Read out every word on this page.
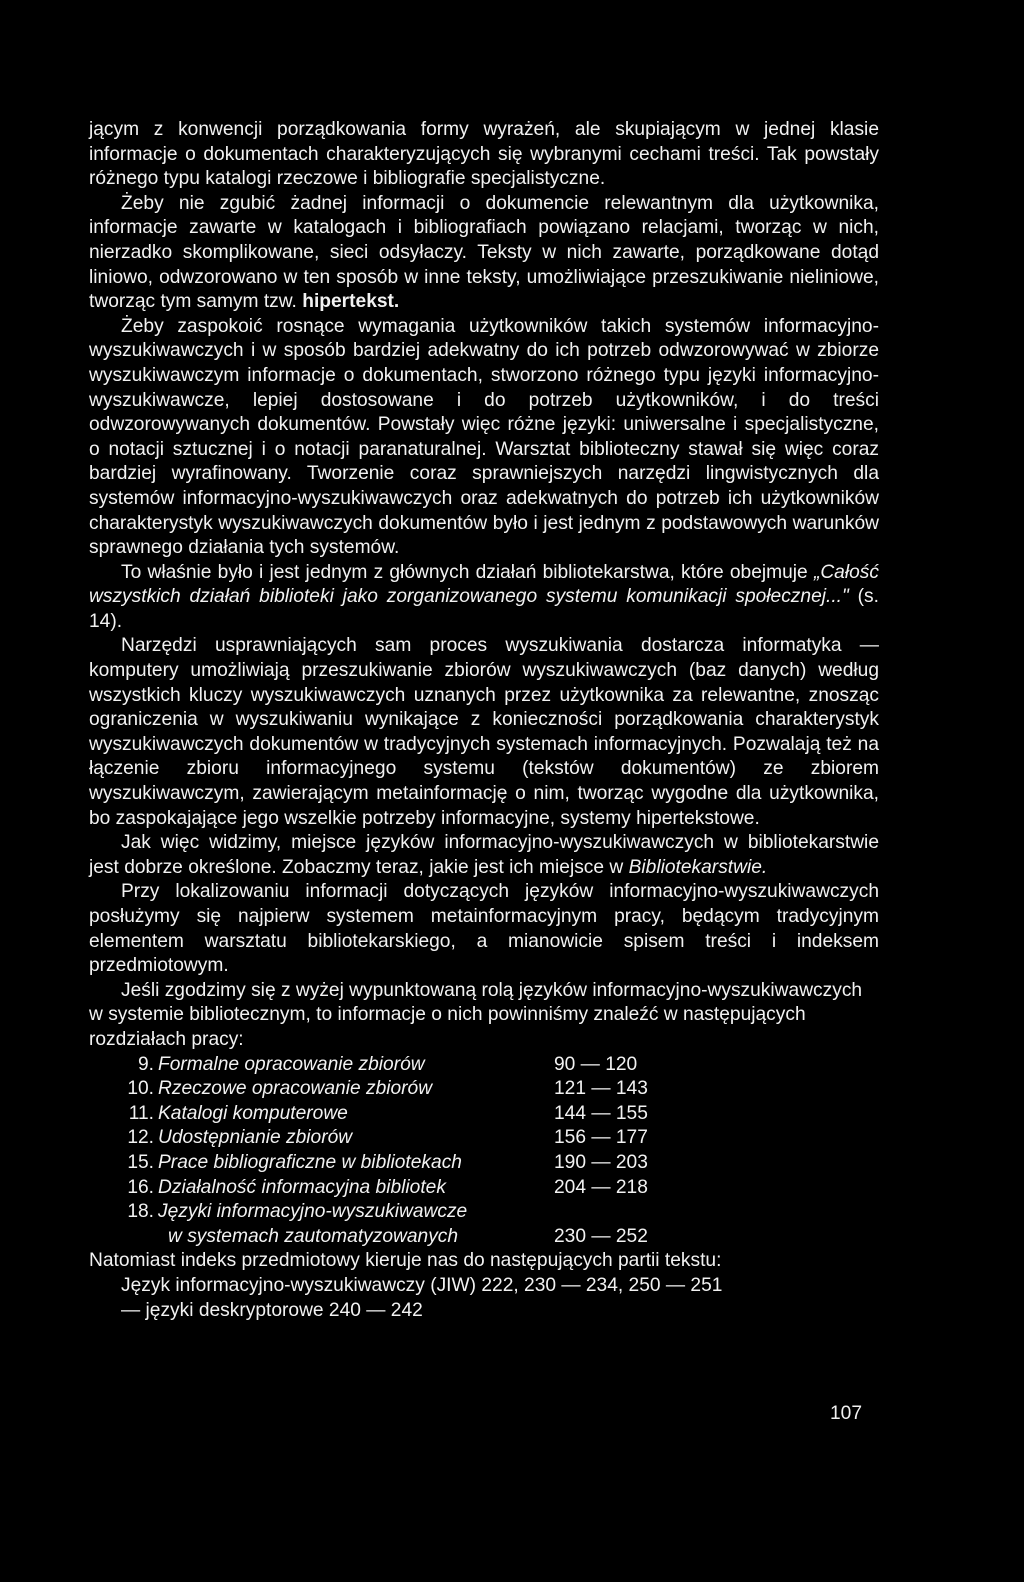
jącym z konwencji porządkowania formy wyrażeń, ale skupiającym w jednej klasie informacje o dokumentach charakteryzujących się wybranymi cechami treści. Tak powstały różnego typu katalogi rzeczowe i bibliografie specjalistyczne.

Żeby nie zgubić żadnej informacji o dokumencie relewantnym dla użytkownika, informacje zawarte w katalogach i bibliografiach powiązano relacjami, tworząc w nich, nierzadko skomplikowane, sieci odsyłaczy. Teksty w nich zawarte, porządkowane dotąd liniowo, odwzorowano w ten sposób w inne teksty, umożliwiające przeszukiwanie nieliniowe, tworząc tym samym tzw. hipertekst.

Żeby zaspokoić rosnące wymagania użytkowników takich systemów informacyjno-wyszukiwawczych i w sposób bardziej adekwatny do ich potrzeb odwzorowywać w zbiorze wyszukiwawczym informacje o dokumentach, stworzono różnego typu języki informacyjno-wyszukiwawcze, lepiej dostosowane i do potrzeb użytkowników, i do treści odwzorowywanych dokumentów. Powstały więc różne języki: uniwersalne i specjalistyczne, o notacji sztucznej i o notacji paranaturalnej. Warsztat biblioteczny stawał się więc coraz bardziej wyrafinowany. Tworzenie coraz sprawniejszych narzędzi lingwistycznych dla systemów informacyjno-wyszukiwawczych oraz adekwatnych do potrzeb ich użytkowników charakterystyk wyszukiwawczych dokumentów było i jest jednym z podstawowych warunków sprawnego działania tych systemów.

To właśnie było i jest jednym z głównych działań bibliotekarstwa, które obejmuje „Całość wszystkich działań biblioteki jako zorganizowanego systemu komunikacji społecznej..." (s. 14).

Narzędzi usprawniających sam proces wyszukiwania dostarcza informatyka — komputery umożliwiają przeszukiwanie zbiorów wyszukiwawczych (baz danych) według wszystkich kluczy wyszukiwawczych uznanych przez użytkownika za relewantne, znosząc ograniczenia w wyszukiwaniu wynikające z konieczności porządkowania charakterystyk wyszukiwawczych dokumentów w tradycyjnych systemach informacyjnych. Pozwalają też na łączenie zbioru informacyjnego systemu (tekstów dokumentów) ze zbiorem wyszukiwawczym, zawierającym metainformację o nim, tworząc wygodne dla użytkownika, bo zaspokajające jego wszelkie potrzeby informacyjne, systemy hipertekstowe.

Jak więc widzimy, miejsce języków informacyjno-wyszukiwawczych w bibliotekarstwie jest dobrze określone. Zobaczmy teraz, jakie jest ich miejsce w Bibliotekarstwie.

Przy lokalizowaniu informacji dotyczących języków informacyjno-wyszukiwawczych posłużymy się najpierw systemem metainformacyjnym pracy, będącym tradycyjnym elementem warsztatu bibliotekarskiego, a mianowicie spisem treści i indeksem przedmiotowym.

Jeśli zgodzimy się z wyżej wypunktowaną rolą języków informacyjno-wyszukiwawczych w systemie bibliotecznym, to informacje o nich powinniśmy znaleźć w następujących rozdziałach pracy:

9. Formalne opracowanie zbiorów	90 — 120
10. Rzeczowe opracowanie zbiorów	121 — 143
11. Katalogi komputerowe	144 — 155
12. Udostępnianie zbiorów	156 — 177
15. Prace bibliograficzne w bibliotekach	190 — 203
16. Działalność informacyjna bibliotek	204 — 218
18. Języki informacyjno-wyszukiwawcze
w systemach zautomatyzowanych	230 — 252

Natomiast indeks przedmiotowy kieruje nas do następujących partii tekstu:

Język informacyjno-wyszukiwawczy (JIW) 222, 230 — 234, 250 — 251

— języki deskryptorowe 240 — 242

107
